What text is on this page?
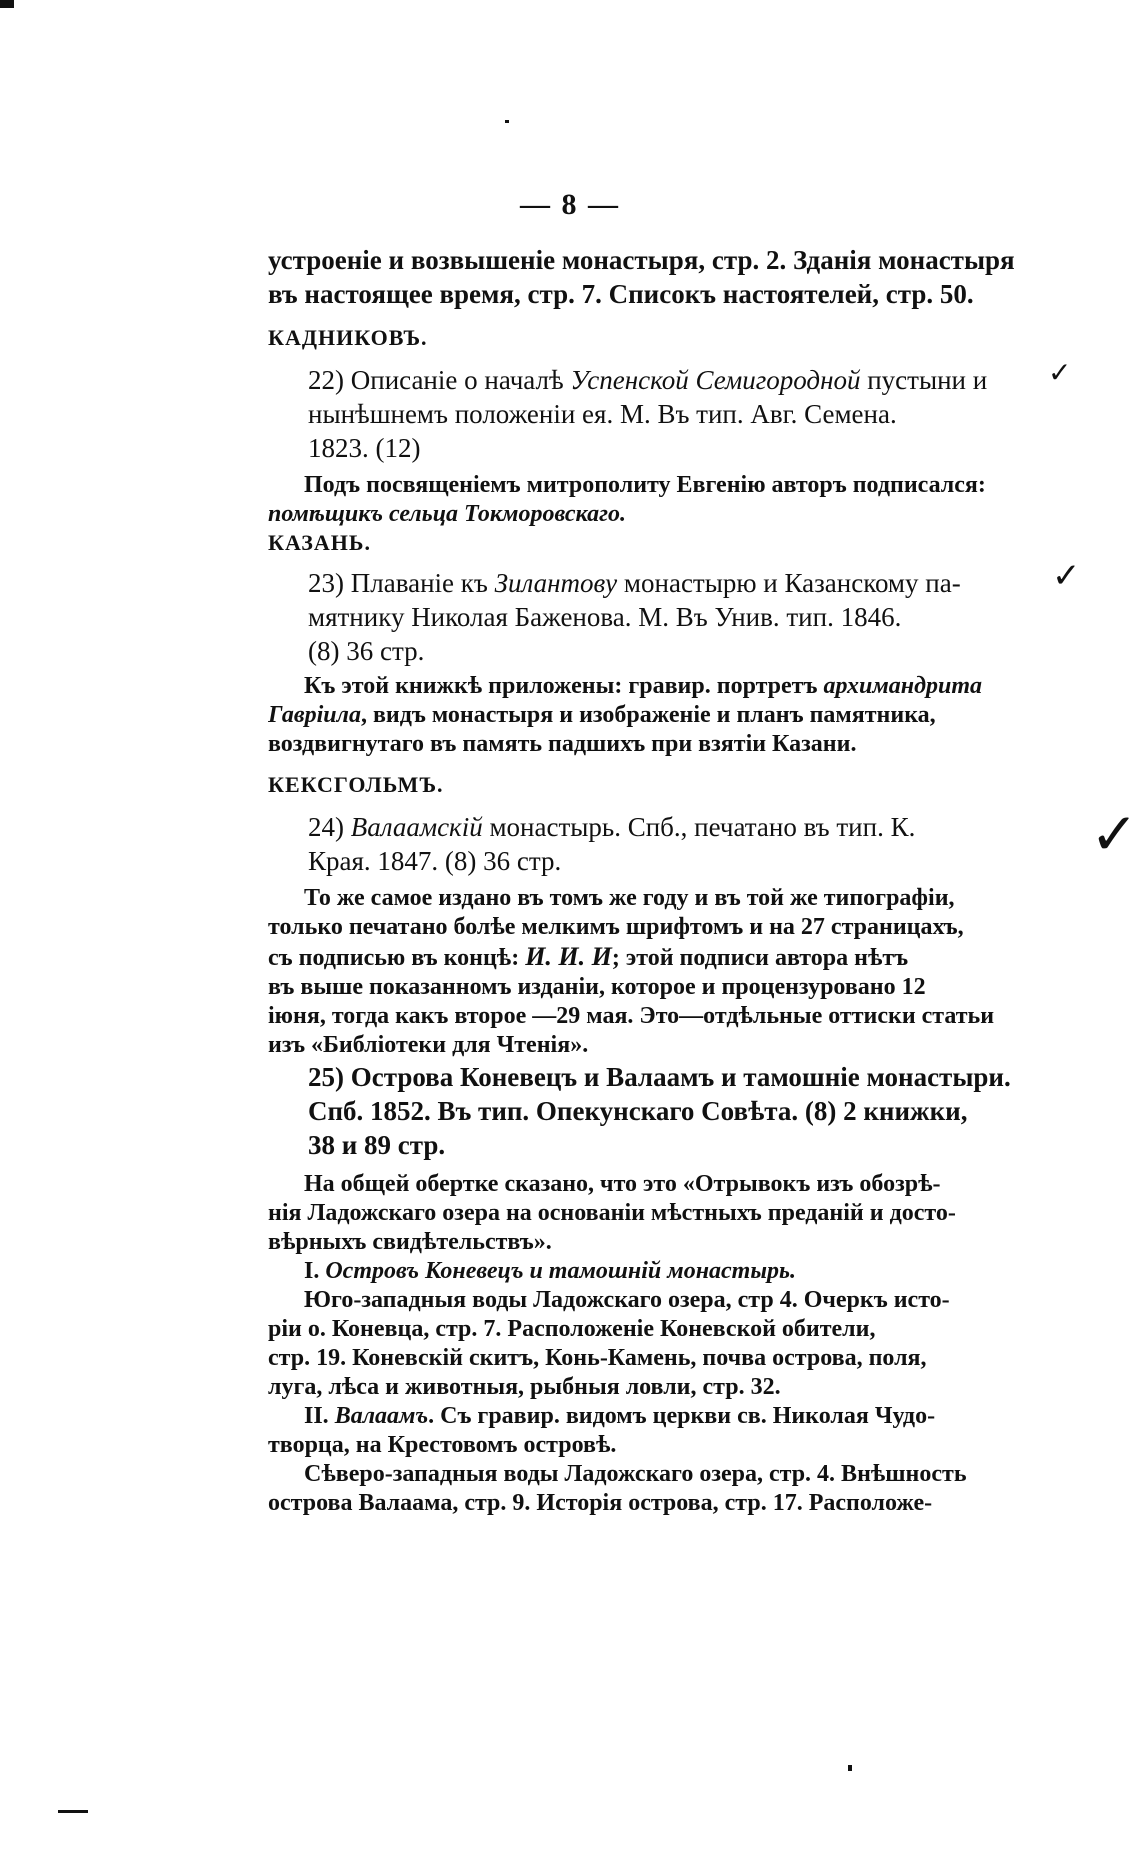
— 8 —
устроеніе и возвышеніе монастыря, стр. 2. Зданія монастыря
въ настоящее время, стр. 7. Списокъ настоятелей, стр. 50.
КАДНИКОВЪ.
22) Описаніе о началѣ Успенской Семигородной пустыни и
нынѣшнемъ положеніи ея. М. Въ тип. Авг. Семена.
1823. (12)
Подъ посвященіемъ митрополиту Евгенію авторъ подписался:
помѣщикъ сельца Токморовскаго.
КАЗАНЬ.
23) Плаваніе къ Зилантову монастырю и Казанскому па-
мятнику Николая Баженова. М. Въ Унив. тип. 1846.
(8) 36 стр.
Къ этой книжкѣ приложены: гравир. портретъ архимандрита
Гавріила, видъ монастыря и изображеніе и планъ памятника,
воздвигнутаго въ память падшихъ при взятіи Казани.
КЕКСГОЛЬМЪ.
24) Валаамскій монастырь. Спб., печатано въ тип. К.
Края. 1847. (8) 36 стр.
То же самое издано въ томъ же году и въ той же типографіи,
только печатано болѣе мелкимъ шрифтомъ и на 27 страницахъ,
съ подписью въ концѣ: И. И. И; этой подписи автора нѣтъ
въ выше показанномъ изданіи, которое и процензуровано 12
іюня, тогда какъ второе —29 мая. Это—отдѣльные оттиски статьи
изъ «Библіотеки для Чтенія».
25) Острова Коневецъ и Валаамъ и тамошніе монастыри.
Спб. 1852. Въ тип. Опекунскаго Совѣта. (8) 2 книжки,
38 и 89 стр.
На общей обертке сказано, что это «Отрывокъ изъ обозрѣ-
нія Ладожскаго озера на основаніи мѣстныхъ преданій и досто-
вѣрныхъ свидѣтельствъ».
I. Островъ Коневецъ и тамошній монастырь.
Юго-западныя воды Ладожскаго озера, стр 4. Очеркъ исто-
ріи о. Коневца, стр. 7. Расположеніе Коневской обители,
стр. 19. Коневскій скитъ, Конь-Камень, почва острова, поля,
луга, лѣса и животныя, рыбныя ловли, стр. 32.
II. Валаамъ. Съ гравир. видомъ церкви св. Николая Чудо-
творца, на Крестовомъ островѣ.
Сѣверо-западныя воды Ладожскаго озера, стр. 4. Внѣшность
острова Валаама, стр. 9. Исторія острова, стр. 17. Расположе-
✓
✓
✓
